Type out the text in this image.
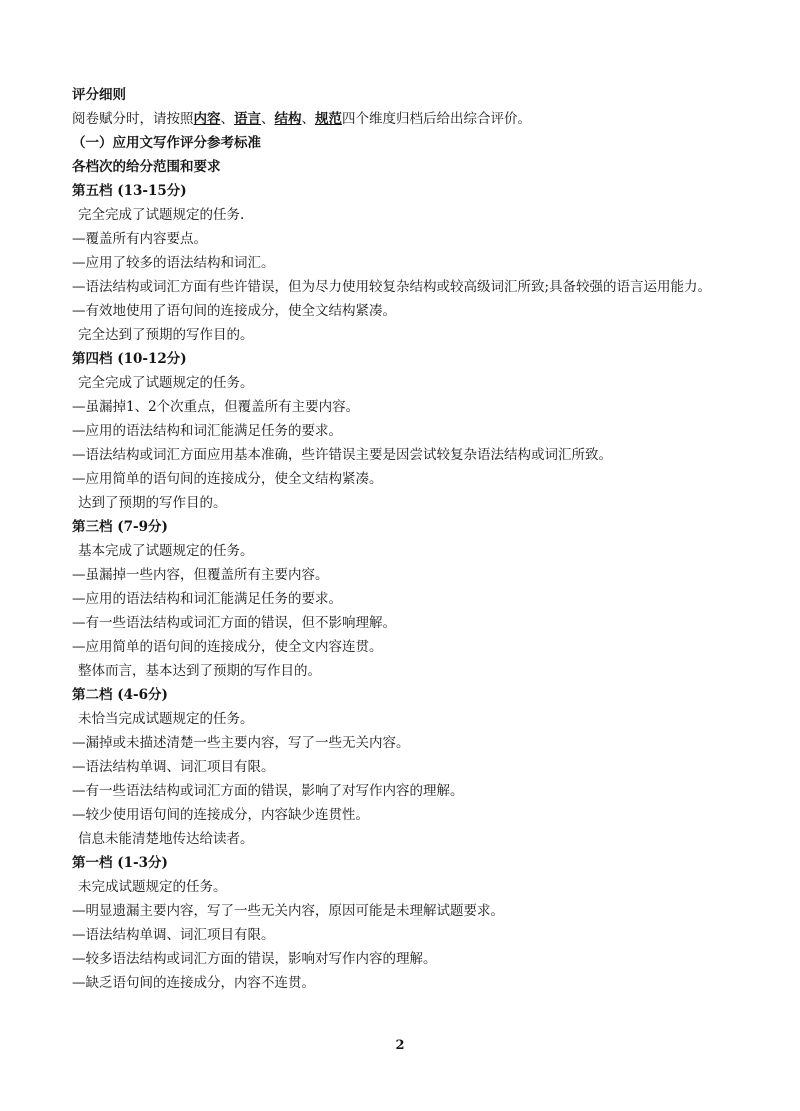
评分细则
阅卷赋分时，请按照内容、语言、结构、规范四个维度归档后给出综合评价。
（一）应用文写作评分参考标准
各档次的给分范围和要求
第五档 (13-15分)
完全完成了试题规定的任务.
—覆盖所有内容要点。
—应用了较多的语法结构和词汇。
—语法结构或词汇方面有些许错误，但为尽力使用较复杂结构或较高级词汇所致;具备较强的语言运用能力。
—有效地使用了语句间的连接成分，使全文结构紧凑。
完全达到了预期的写作目的。
第四档 (10-12分)
完全完成了试题规定的任务。
—虽漏掉1、2个次重点，但覆盖所有主要内容。
—应用的语法结构和词汇能满足任务的要求。
—语法结构或词汇方面应用基本准确，些许错误主要是因尝试较复杂语法结构或词汇所致。
—应用简单的语句间的连接成分，使全文结构紧凑。
达到了预期的写作目的。
第三档 (7-9分)
基本完成了试题规定的任务。
—虽漏掉一些内容，但覆盖所有主要内容。
—应用的语法结构和词汇能满足任务的要求。
—有一些语法结构或词汇方面的错误，但不影响理解。
—应用简单的语句间的连接成分，使全文内容连贯。
整体而言，基本达到了预期的写作目的。
第二档 (4-6分)
未恰当完成试题规定的任务。
—漏掉或未描述清楚一些主要内容，写了一些无关内容。
—语法结构单调、词汇项目有限。
—有一些语法结构或词汇方面的错误，影响了对写作内容的理解。
—较少使用语句间的连接成分，内容缺少连贯性。
信息未能清楚地传达给读者。
第一档 (1-3分)
未完成试题规定的任务。
—明显遗漏主要内容，写了一些无关内容，原因可能是未理解试题要求。
—语法结构单调、词汇项目有限。
—较多语法结构或词汇方面的错误，影响对写作内容的理解。
—缺乏语句间的连接成分，内容不连贯。
2
